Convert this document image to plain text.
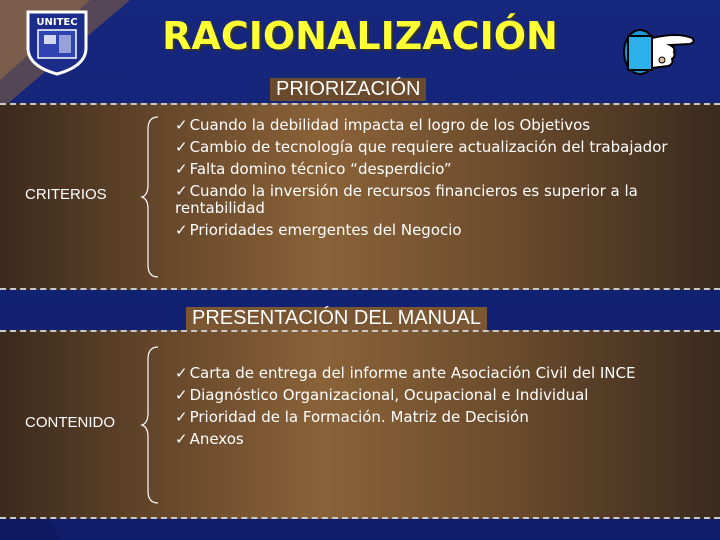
UNITEC	RACIONALIZACIÓN
PRIORIZACIÓN
CRITERIOS
✓ Cuando la debilidad impacta el logro de los Objetivos
✓ Cambio de tecnología que requiere actualización del trabajador
✓ Falta domino técnico “desperdicio”
✓ Cuando la inversión de recursos financieros es superior a la rentabilidad
✓ Prioridades emergentes del Negocio
PRESENTACIÓN DEL MANUAL
CONTENIDO
✓ Carta de entrega del informe ante Asociación Civil del INCE
✓ Diagnóstico Organizacional, Ocupacional e Individual
✓ Prioridad de la Formación. Matriz de Decisión
✓ Anexos
